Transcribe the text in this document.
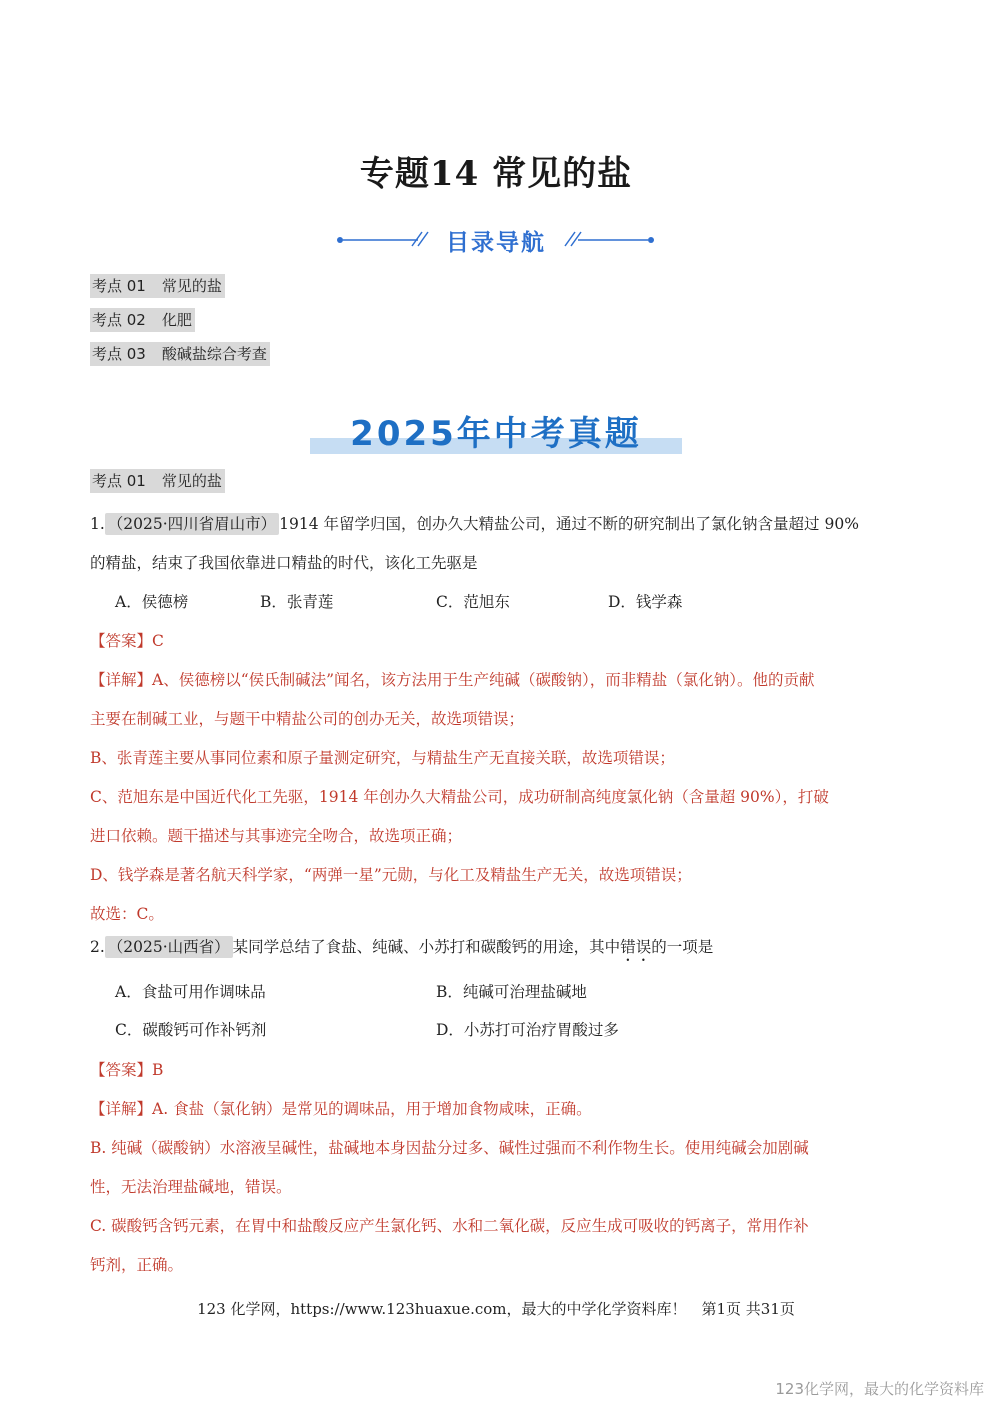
专题14 常见的盐
目录导航
考点 01 常见的盐
考点 02 化肥
考点 03 酸碱盐综合考查
2025年中考真题
考点 01 常见的盐
1. （2025·四川省眉山市） 1914 年留学归国，创办久大精盐公司，通过不断的研究制出了氯化钠含量超过 90%
的精盐，结束了我国依靠进口精盐的时代，该化工先驱是
A．侯德榜	B．张青莲	C．范旭东	D．钱学森
【答案】C
【详解】A、侯德榜以“侯氏制碱法”闻名，该方法用于生产纯碱（碳酸钠），而非精盐（氯化钠）。他的贡献
主要在制碱工业，与题干中精盐公司的创办无关，故选项错误；
B、张青莲主要从事同位素和原子量测定研究，与精盐生产无直接关联，故选项错误；
C、范旭东是中国近代化工先驱，1914 年创办久大精盐公司，成功研制高纯度氯化钠（含量超 90%），打破
进口依赖。题干描述与其事迹完全吻合，故选项正确；
D、钱学森是著名航天科学家，“两弹一星”元勋，与化工及精盐生产无关，故选项错误；
故选：C。
2. （2025·山西省） 某同学总结了食盐、纯碱、小苏打和碳酸钙的用途，其中错误的一项是
A．食盐可用作调味品	B．纯碱可治理盐碱地
C．碳酸钙可作补钙剂	D．小苏打可治疗胃酸过多
【答案】B
【详解】A. 食盐（氯化钠）是常见的调味品，用于增加食物咸味，正确。
B. 纯碱（碳酸钠）水溶液呈碱性，盐碱地本身因盐分过多、碱性过强而不利作物生长。使用纯碱会加剧碱
性，无法治理盐碱地，错误。
C. 碳酸钙含钙元素，在胃中和盐酸反应产生氯化钙、水和二氧化碳，反应生成可吸收的钙离子，常用作补
钙剂，正确。
123 化学网，https://www.123huaxue.com，最大的中学化学资料库！　第1页 共31页
123化学网，最大的化学资料库
